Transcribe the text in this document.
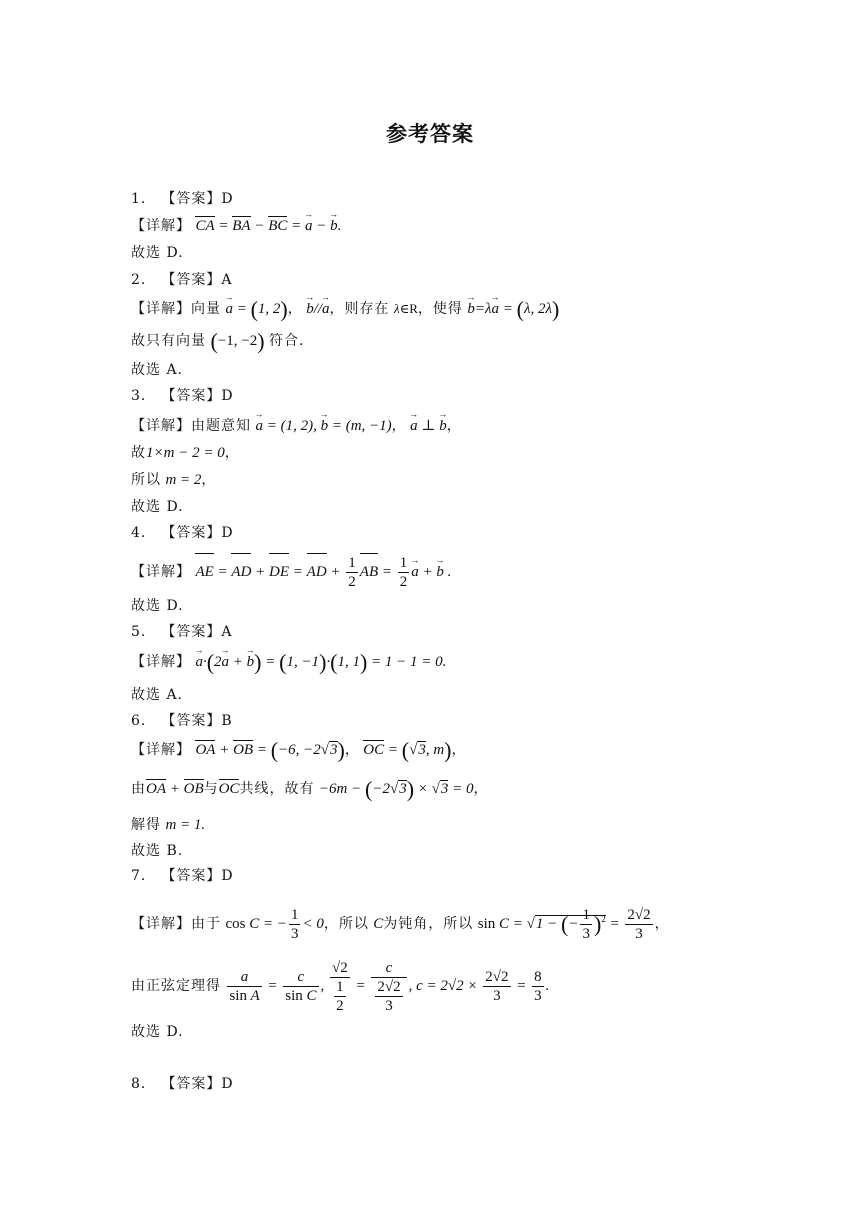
参考答案
1． 【答案】D
【详解】 CA = BA − BC = → a − → b.
故选 D.
2． 【答案】A
【详解】向量 → a = (1, 2)， → b//→ a，则存在 λ∈R，使得 → b=λ→ a = (λ, 2λ)
故只有向量 (−1, −2) 符合.
故选 A.
3． 【答案】D
【详解】由题意知 → a = (1, 2), → b = (m, −1)， → a ⊥ → b，
故1×m − 2 = 0，
所以 m = 2，
故选 D.
4． 【答案】D
【详解】 AE = AD + DE = AD + $\frac{1}{2}$ AB = $\frac{1}{2}$
→ a + → b .
故选 D.
5． 【答案】A
【详解】 → a·(2→ a + → b) = (1, −1)·(1, 1) = 1 − 1 = 0.
故选 A.
6． 【答案】B
【详解】 OA + OB = (−6, −2√3)， OC = (√3, m)，
由OA + OB与OC共线，故有 −6m − (−2√3) × √3 = 0，
解得 m = 1.
故选 B.
7． 【答案】D
【详解】由于 cos C = − $\frac{1}{3} < 0$，所以 C为钝角，所以 sin C = √1 − (− $\frac{1}{3} )^2 = \frac{2√2}{3}$ ，
由正弦定理得 $\frac{a}{\text{sin A}} = \frac{c}{\text{sin C}}$ , $\frac{√2}{\frac{1}{2}} = \frac{c}{\frac{2√2}{3}}$ , $c = 2√2 \times \frac{2√2}{3} = \frac{8}{3}$ .
故选 D.
8． 【答案】D
